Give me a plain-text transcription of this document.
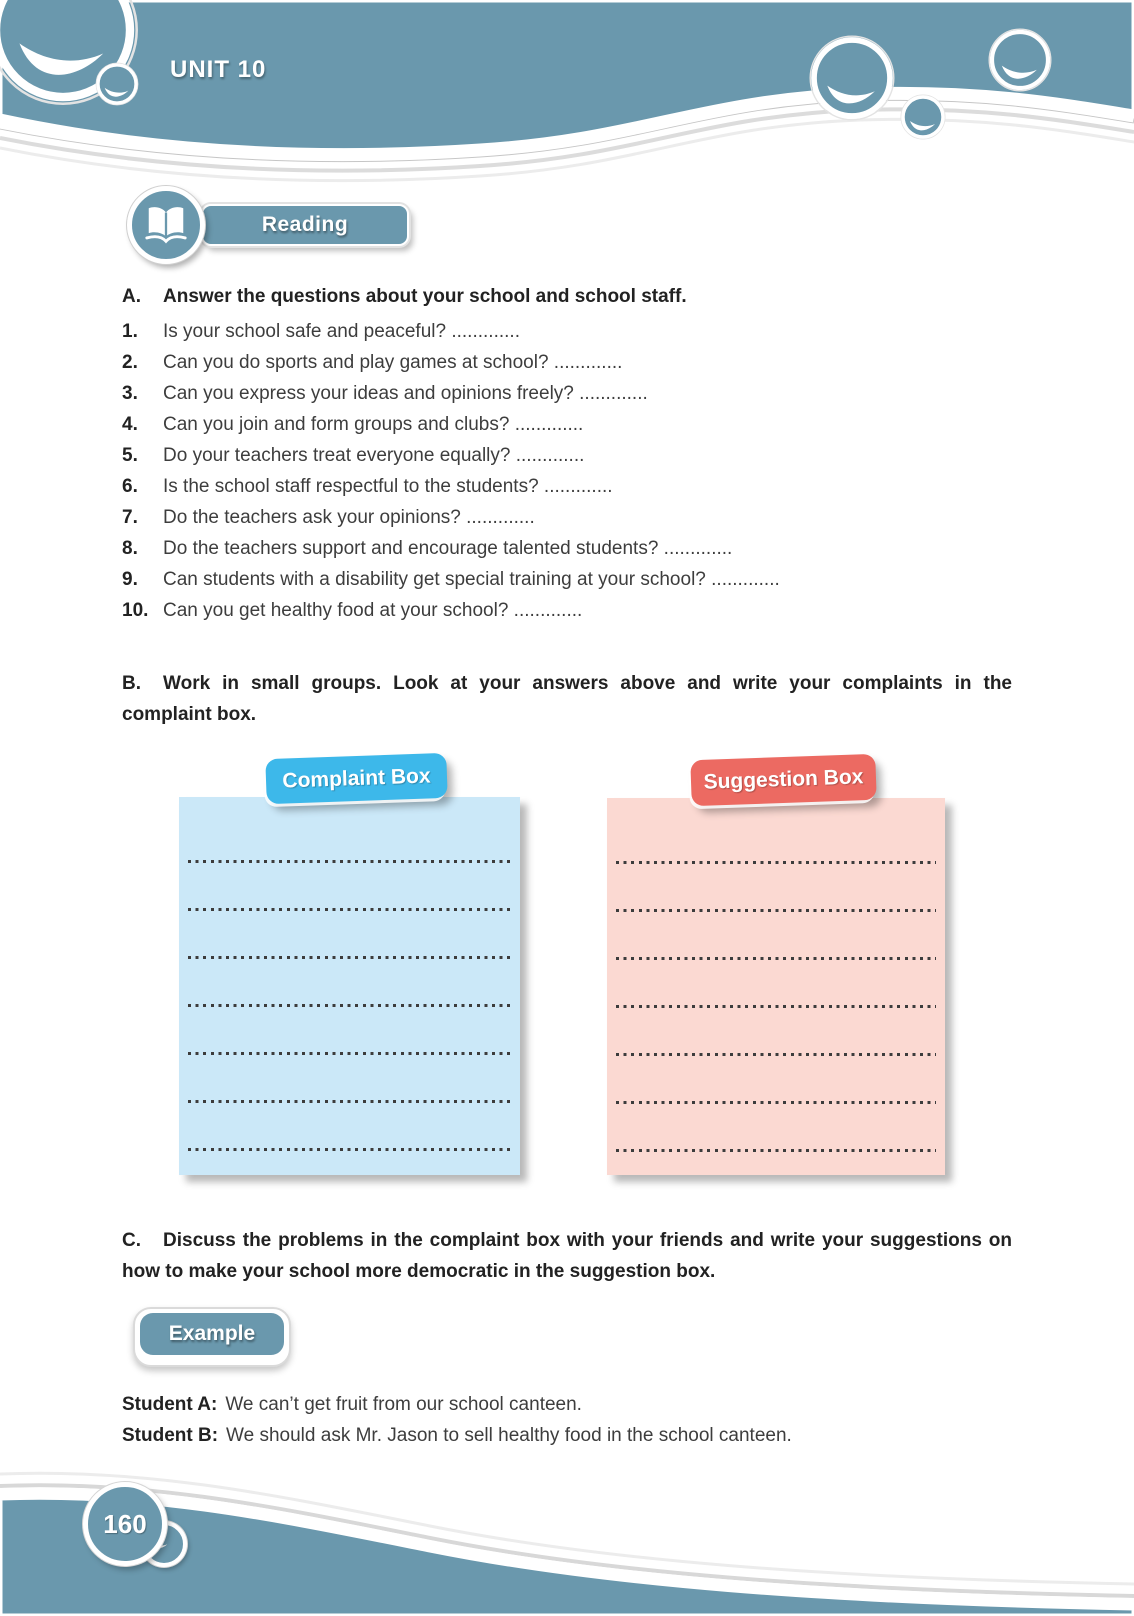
UNIT 10
Reading
A.	Answer the questions about your school and school staff.
1.	Is your school safe and peaceful? .............
2.	Can you do sports and play games at school? .............
3.	Can you express your ideas and opinions freely? .............
4.	Can you join and form groups and clubs? .............
5.	Do your teachers treat everyone equally? .............
6.	Is the school staff respectful to the students? .............
7.	Do the teachers ask your opinions? .............
8.	Do the teachers support and encourage talented students? .............
9.	Can students with a disability get special training at your school? .............
10. Can you get healthy food at your school? .............

B. Work in small groups. Look at your answers above and write your complaints in the complaint box.

Complaint Box	Suggestion Box

C. Discuss the problems in the complaint box with your friends and write your suggestions on how to make your school more democratic in the suggestion box.

Example
Student A: We can’t get fruit from our school canteen.
Student B: We should ask Mr. Jason to sell healthy food in the school canteen.
160
